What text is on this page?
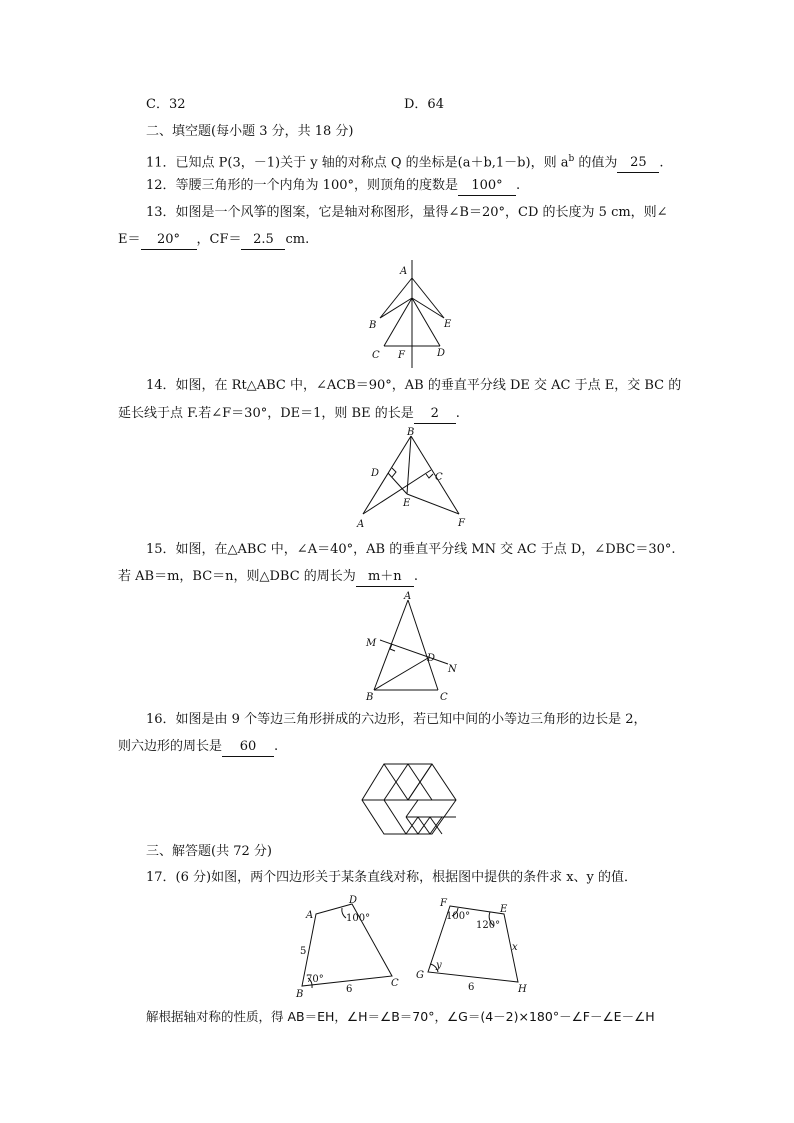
C．32	D．64
二、填空题(每小题 3 分，共 18 分)
11．已知点 P(3，－1)关于 y 轴的对称点 Q 的坐标是(a＋b,1－b)，则 $a^b$ 的值为 25 .
12．等腰三角形的一个内角为 100°，则顶角的度数是 100° .
13．如图是一个风筝的图案，它是轴对称图形，量得∠B＝20°，CD 的长度为 5 cm，则∠
E＝ 20° ，CF＝ 2.5 cm.
A
B	E
C F	D
14．如图，在 Rt△ABC 中，∠ACB＝90°，AB 的垂直平分线 DE 交 AC 于点 E，交 BC 的
延长线于点 F.若∠F＝30°，DE＝1，则 BE 的长是 2 .
B
D	C
E
A	F
15．如图，在△ABC 中，∠A＝40°，AB 的垂直平分线 MN 交 AC 于点 D，∠DBC＝30°.
若 AB＝m，BC＝n，则△DBC 的周长为 m＋n .
A
M
D
N
B	C
16．如图是由 9 个等边三角形拼成的六边形，若已知中间的小等边三角形的边长是 2，
则六边形的周长是 60 .
三、解答题(共 72 分)
17．(6 分)如图，两个四边形关于某条直线对称，根据图中提供的条件求 x、y 的值．
A
D
100°
5
70°
B	6
C
F
100°
E
120°
x
y
G
6	H
解根据轴对称的性质，得 AB＝EH，∠H＝∠B＝70°，∠G＝(4－2)×180°－∠F－∠E－∠H
